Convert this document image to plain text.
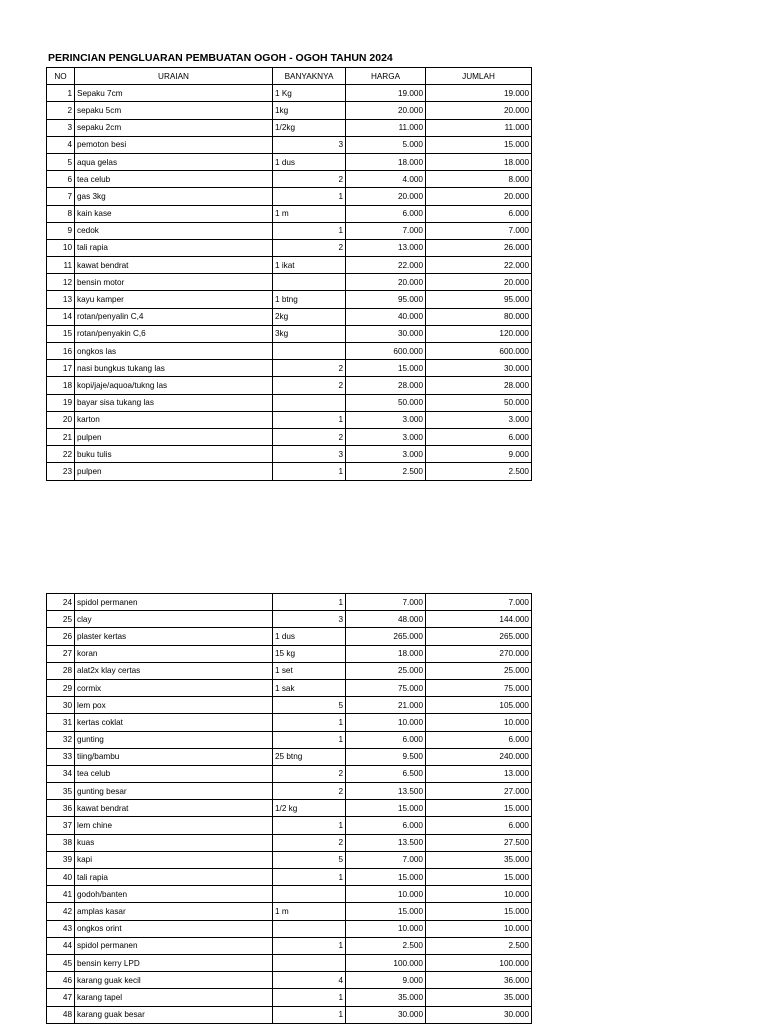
PERINCIAN PENGLUARAN PEMBUATAN OGOH - OGOH TAHUN 2024
NO	URAIAN	BANYAKNYA	HARGA	JUMLAH
1	Sepaku 7cm	1 Kg	19.000	19.000
2	sepaku 5cm	1kg	20.000	20.000
3	sepaku 2cm	1/2kg	11.000	11.000
4	pemoton besi	3	5.000	15.000
5	aqua gelas	1 dus	18.000	18.000
6	tea celub	2	4.000	8.000
7	gas 3kg	1	20.000	20.000
8	kain kase	1 m	6.000	6.000
9	cedok	1	7.000	7.000
10	tali rapia	2	13.000	26.000
11	kawat bendrat	1 ikat	22.000	22.000
12	bensin motor		20.000	20.000
13	kayu kamper	1 btng	95.000	95.000
14	rotan/penyalin C,4	2kg	40.000	80.000
15	rotan/penyakin C,6	3kg	30.000	120.000
16	ongkos las		600.000	600.000
17	nasi bungkus tukang las	2	15.000	30.000
18	kopi/jaje/aquoa/tukng las	2	28.000	28.000
19	bayar sisa tukang las		50.000	50.000
20	karton	1	3.000	3.000
21	pulpen	2	3.000	6.000
22	buku tulis	3	3.000	9.000
23	pulpen	1	2.500	2.500
24	spidol permanen	1	7.000	7.000
25	clay	3	48.000	144.000
26	plaster kertas	1 dus	265.000	265.000
27	koran	15 kg	18.000	270.000
28	alat2x klay certas	1 set	25.000	25.000
29	cormix	1 sak	75.000	75.000
30	lem pox	5	21.000	105.000
31	kertas coklat	1	10.000	10.000
32	gunting	1	6.000	6.000
33	tiing/bambu	25 btng	9.500	240.000
34	tea celub	2	6.500	13.000
35	gunting besar	2	13.500	27.000
36	kawat bendrat	1/2 kg	15.000	15.000
37	lem chine	1	6.000	6.000
38	kuas	2	13.500	27.500
39	kapi	5	7.000	35.000
40	tali rapia	1	15.000	15.000
41	godoh/banten		10.000	10.000
42	amplas kasar	1 m	15.000	15.000
43	ongkos orint		10.000	10.000
44	spidol permanen	1	2.500	2.500
45	bensin kerry LPD		100.000	100.000
46	karang guak kecil	4	9.000	36.000
47	karang tapel	1	35.000	35.000
48	karang guak besar	1	30.000	30.000
